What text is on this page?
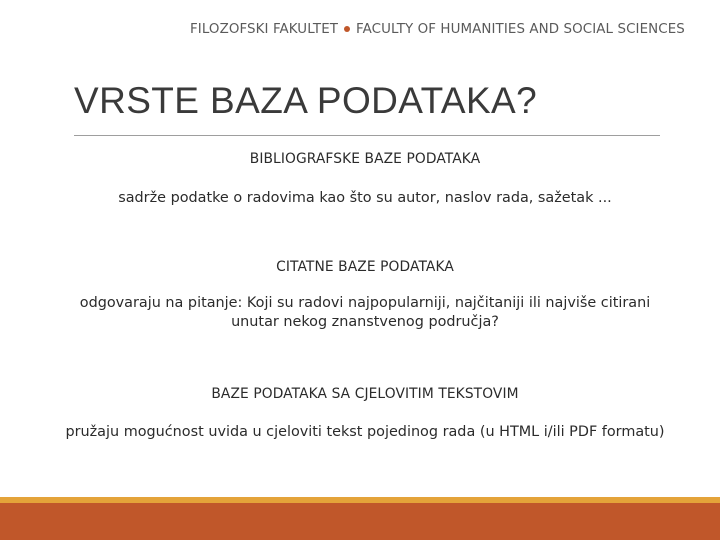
FILOZOFSKI FAKULTET FACULTY OF HUMANITIES AND SOCIAL SCIENCES
VRSTE BAZA PODATAKA?
BIBLIOGRAFSKE BAZE PODATAKA
sadrže podatke o radovima kao što su autor, naslov rada, sažetak ...
CITATNE BAZE PODATAKA
odgovaraju na pitanje: Koji su radovi najpopularniji, najčitaniji ili najviše citirani unutar nekog znanstvenog područja?
BAZE PODATAKA SA CJELOVITIM TEKSTOVIM
pružaju mogućnost uvida u cjeloviti tekst pojedinog rada (u HTML i/ili PDF formatu)
